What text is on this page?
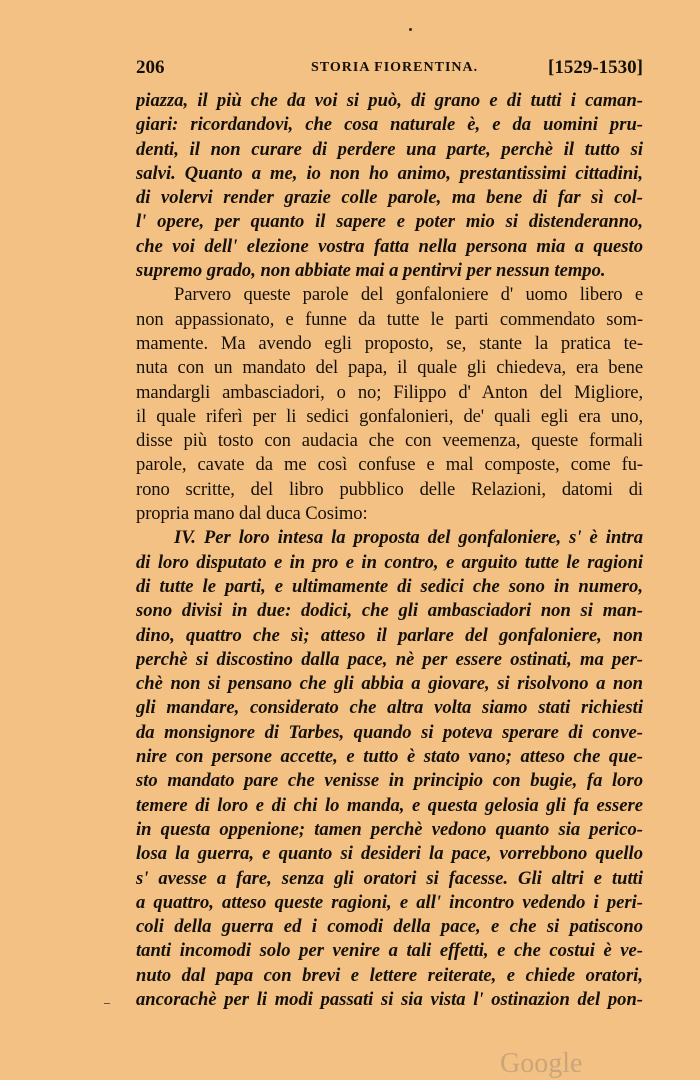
206	STORIA FIORENTINA.	[1529-1530]
piazza, il più che da voi si può, di grano e di tutti i caman-
giari: ricordandovi, che cosa naturale è, e da uomini pru-
denti, il non curare di perdere una parte, perchè il tutto si
salvi. Quanto a me, io non ho animo, prestantissimi cittadini,
di volervi render grazie colle parole, ma bene di far sì col-
l' opere, per quanto il sapere e poter mio si distenderanno,
che voi dell' elezione vostra fatta nella persona mia a questo
supremo grado, non abbiate mai a pentirvi per nessun tempo.
Parvero queste parole del gonfaloniere d' uomo libero e
non appassionato, e funne da tutte le parti commendato som-
mamente. Ma avendo egli proposto, se, stante la pratica te-
nuta con un mandato del papa, il quale gli chiedeva, era bene
mandargli ambasciadori, o no; Filippo d' Anton del Migliore,
il quale riferì per li sedici gonfalonieri, de' quali egli era uno,
disse più tosto con audacia che con veemenza, queste formali
parole, cavate da me così confuse e mal composte, come fu-
rono scritte, del libro pubblico delle Relazioni, datomi di
propria mano dal duca Cosimo:
IV. Per loro intesa la proposta del gonfaloniere, s' è intra
di loro disputato e in pro e in contro, e arguito tutte le ragioni
di tutte le parti, e ultimamente di sedici che sono in numero,
sono divisi in due: dodici, che gli ambasciadori non si man-
dino, quattro che sì; atteso il parlare del gonfaloniere, non
perchè si discostino dalla pace, nè per essere ostinati, ma per-
chè non si pensano che gli abbia a giovare, si risolvono a non
gli mandare, considerato che altra volta siamo stati richiesti
da monsignore di Tarbes, quando si poteva sperare di conve-
nire con persone accette, e tutto è stato vano; atteso che que-
sto mandato pare che venisse in principio con bugie, fa loro
temere di loro e di chi lo manda, e questa gelosia gli fa essere
in questa oppenione; tamen perchè vedono quanto sia perico-
losa la guerra, e quanto si desideri la pace, vorrebbono quello
s' avesse a fare, senza gli oratori si facesse. Gli altri e tutti
a quattro, atteso queste ragioni, e all' incontro vedendo i peri-
coli della guerra ed i comodi della pace, e che si patiscono
tanti incomodi solo per venire a tali effetti, e che costui è ve-
nuto dal papa con brevi e lettere reiterate, e chiede oratori,
ancorachè per li modi passati si sia vista l' ostinazion del pon-
Google
